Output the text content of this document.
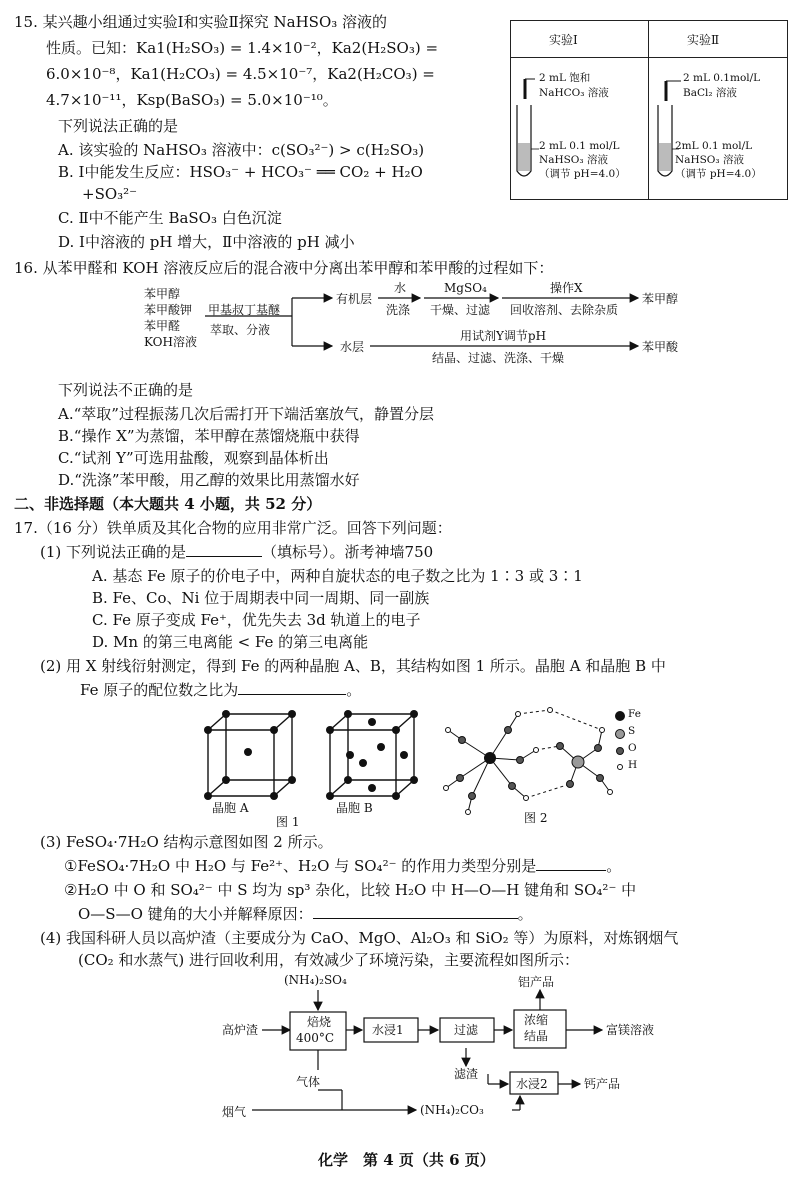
15. 某兴趣小组通过实验Ⅰ和实验Ⅱ探究 NaHSO₃ 溶液的
性质。已知：Ka1(H₂SO₃) = 1.4×10⁻²，Ka2(H₂SO₃) =
6.0×10⁻⁸，Ka1(H₂CO₃) = 4.5×10⁻⁷，Ka2(H₂CO₃) =
4.7×10⁻¹¹，Ksp(BaSO₃) = 5.0×10⁻¹⁰。
下列说法正确的是
A. 该实验的 NaHSO₃ 溶液中：c(SO₃²⁻) > c(H₂SO₃)
B. Ⅰ中能发生反应：HSO₃⁻ + HCO₃⁻ ══ CO₂ + H₂O
+SO₃²⁻
C. Ⅱ中不能产生 BaSO₃ 白色沉淀
D. Ⅰ中溶液的 pH 增大，Ⅱ中溶液的 pH 减小
实验Ⅰ	实验Ⅱ
2 mL 饱和
NaHCO₃ 溶液
2 mL 0.1 mol/L
NaHSO₃ 溶液
（调节 pH=4.0）
2 mL 0.1mol/L
BaCl₂ 溶液
2mL 0.1 mol/L
NaHSO₃ 溶液
（调节 pH=4.0）
16. 从苯甲醛和 KOH 溶液反应后的混合液中分离出苯甲醇和苯甲酸的过程如下：
苯甲醇
苯甲酸钾
苯甲醛
KOH溶液
甲基叔丁基醚
萃取、分液
有机层
水层
水
洗涤
MgSO₄
干燥、过滤
操作X
回收溶剂、去除杂质
苯甲醇
用试剂Y调节pH
结晶、过滤、洗涤、干燥
苯甲酸
下列说法不正确的是
A.“萃取”过程振荡几次后需打开下端活塞放气，静置分层
B.“操作 X”为蒸馏，苯甲醇在蒸馏烧瓶中获得
C.“试剂 Y”可选用盐酸，观察到晶体析出
D.“洗涤”苯甲酸，用乙醇的效果比用蒸馏水好
二、非选择题（本大题共 4 小题，共 52 分）
17.（16 分）铁单质及其化合物的应用非常广泛。回答下列问题：
(1) 下列说法正确的是	（填标号）。浙考神墙750
A. 基态 Fe 原子的价电子中，两种自旋状态的电子数之比为 1∶3 或 3∶1
B. Fe、Co、Ni 位于周期表中同一周期、同一副族
C. Fe 原子变成 Fe⁺，优先失去 3d 轨道上的电子
D. Mn 的第三电离能 < Fe 的第三电离能
(2) 用 X 射线衍射测定，得到 Fe 的两种晶胞 A、B，其结构如图 1 所示。晶胞 A 和晶胞 B 中
Fe 原子的配位数之比为	。
Fe
S
O
H
晶胞 A	晶胞 B
图 1	图 2
(3) FeSO₄·7H₂O 结构示意图如图 2 所示。
①FeSO₄·7H₂O 中 H₂O 与 Fe²⁺、H₂O 与 SO₄²⁻ 的作用力类型分别是	。
②H₂O 中 O 和 SO₄²⁻ 中 S 均为 sp³ 杂化，比较 H₂O 中 H—O—H 键角和 SO₄²⁻ 中
O—S—O 键角的大小并解释原因：	。
(4) 我国科研人员以高炉渣（主要成分为 CaO、MgO、Al₂O₃ 和 SiO₂ 等）为原料，对炼钢烟气
(CO₂ 和水蒸气) 进行回收利用，有效减少了环境污染，主要流程如图所示：
(NH₄)₂SO₄
高炉渣
焙烧
400°C
水浸1	过滤
浓缩
结晶
铝产品
富镁溶液
滤渣
水浸2	钙产品
气体
烟气	(NH₄)₂CO₃
化学　第 4 页（共 6 页）
